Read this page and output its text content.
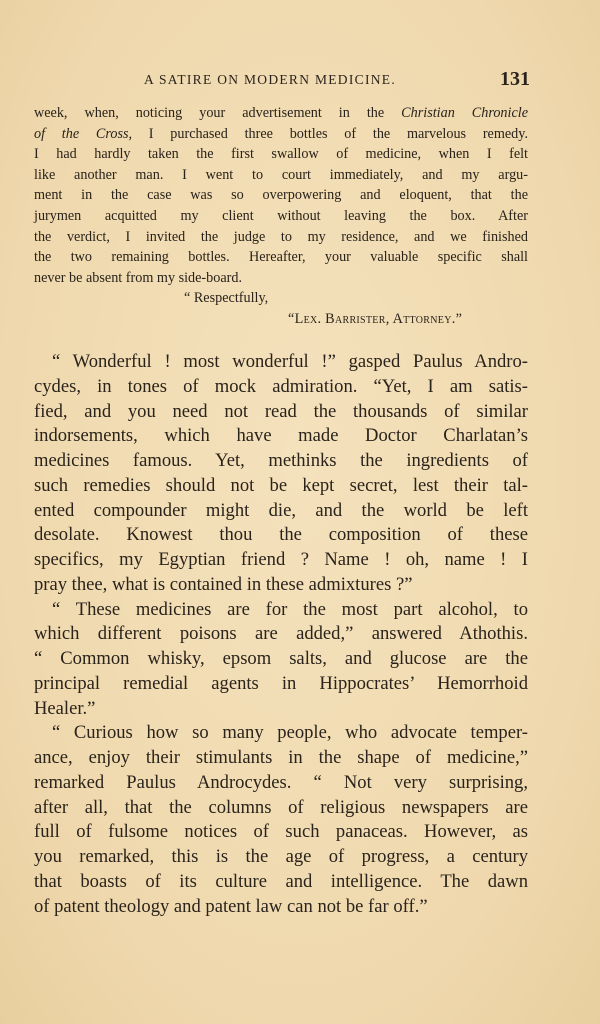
A SATIRE ON MODERN MEDICINE.	131
week, when, noticing your advertisement in the Christian Chronicle
of the Cross, I purchased three bottles of the marvelous remedy.
I had hardly taken the first swallow of medicine, when I felt
like another man. I went to court immediately, and my argu-
ment in the case was so overpowering and eloquent, that the
jurymen acquitted my client without leaving the box. After
the verdict, I invited the judge to my residence, and we finished
the two remaining bottles. Hereafter, your valuable specific shall
never be absent from my side-board.
“ Respectfully,
“Lex. Barrister, Attorney.”
“ Wonderful ! most wonderful !” gasped Paulus Andro-
cydes, in tones of mock admiration. “Yet, I am satis-
fied, and you need not read the thousands of similar
indorsements, which have made Doctor Charlatan’s
medicines famous. Yet, methinks the ingredients of
such remedies should not be kept secret, lest their tal-
ented compounder might die, and the world be left
desolate. Knowest thou the composition of these
specifics, my Egyptian friend ? Name ! oh, name ! I
pray thee, what is contained in these admixtures ?”
“ These medicines are for the most part alcohol, to
which different poisons are added,” answered Athothis.
“ Common whisky, epsom salts, and glucose are the
principal remedial agents in Hippocrates’ Hemorrhoid
Healer.”
“ Curious how so many people, who advocate temper-
ance, enjoy their stimulants in the shape of medicine,”
remarked Paulus Androcydes. “ Not very surprising,
after all, that the columns of religious newspapers are
full of fulsome notices of such panaceas. However, as
you remarked, this is the age of progress, a century
that boasts of its culture and intelligence. The dawn
of patent theology and patent law can not be far off.”
